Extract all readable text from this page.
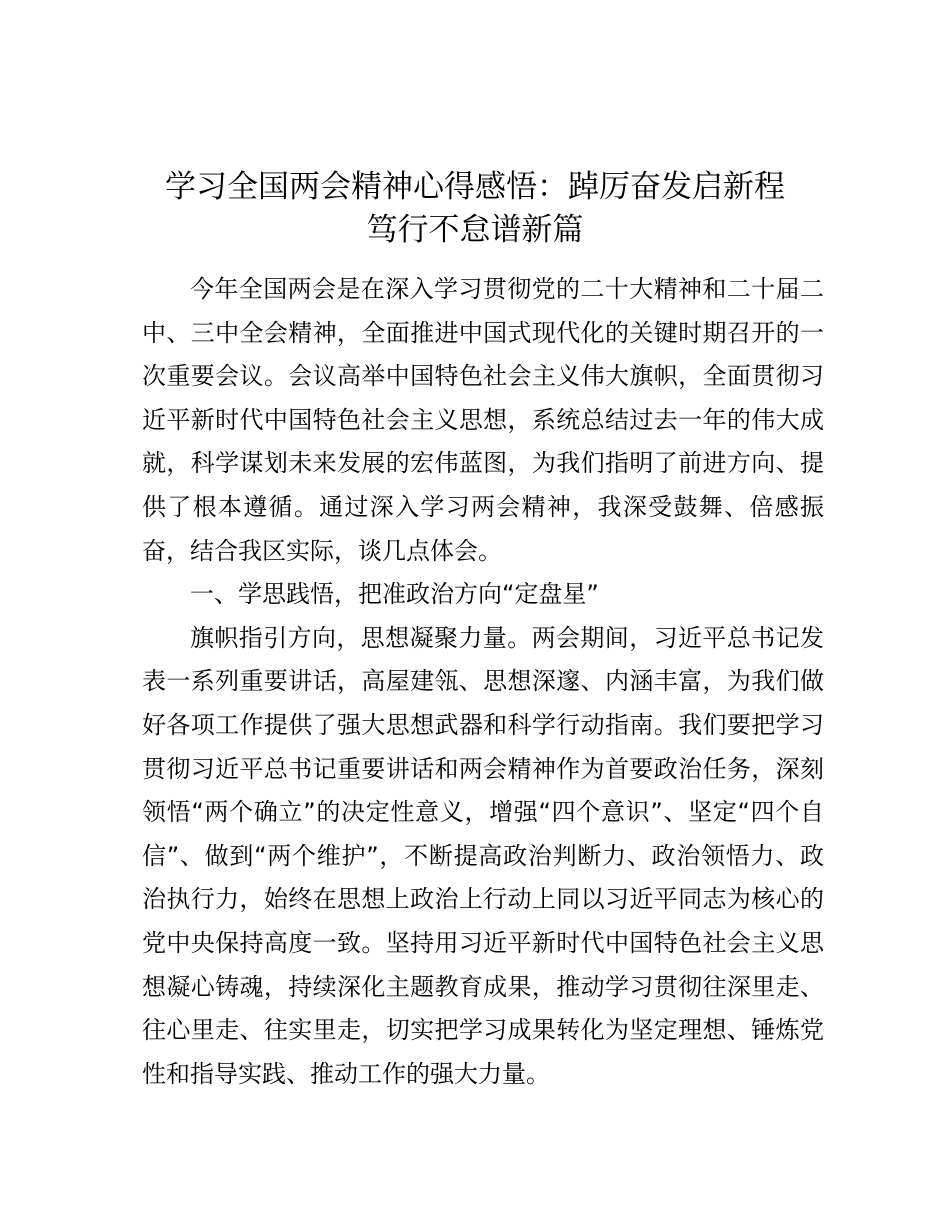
学习全国两会精神心得感悟：踔厉奋发启新程
笃行不怠谱新篇

今年全国两会是在深入学习贯彻党的二十大精神和二十届二中、三中全会精神，全面推进中国式现代化的关键时期召开的一次重要会议。会议高举中国特色社会主义伟大旗帜，全面贯彻习近平新时代中国特色社会主义思想，系统总结过去一年的伟大成就，科学谋划未来发展的宏伟蓝图，为我们指明了前进方向、提供了根本遵循。通过深入学习两会精神，我深受鼓舞、倍感振奋，结合我区实际，谈几点体会。

一、学思践悟，把准政治方向“定盘星”

旗帜指引方向，思想凝聚力量。两会期间，习近平总书记发表一系列重要讲话，高屋建瓴、思想深邃、内涵丰富，为我们做好各项工作提供了强大思想武器和科学行动指南。我们要把学习贯彻习近平总书记重要讲话和两会精神作为首要政治任务，深刻领悟“两个确立”的决定性意义，增强“四个意识”、坚定“四个自信”、做到“两个维护”，不断提高政治判断力、政治领悟力、政治执行力，始终在思想上政治上行动上同以习近平同志为核心的党中央保持高度一致。坚持用习近平新时代中国特色社会主义思想凝心铸魂，持续深化主题教育成果，推动学习贯彻往深里走、往心里走、往实里走，切实把学习成果转化为坚定理想、锤炼党性和指导实践、推动工作的强大力量。
